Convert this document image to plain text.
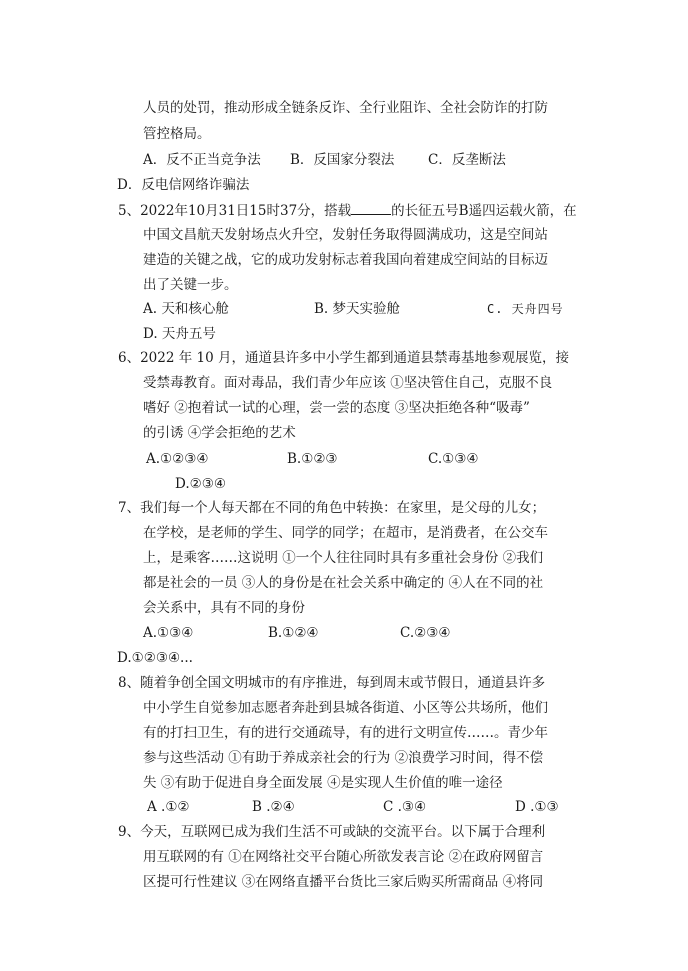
人员的处罚，推动形成全链条反诈、全行业阻诈、全社会防诈的打防
管控格局。
A．反不正当竞争法 B．反国家分裂法 C．反垄断法
D．反电信网络诈骗法
5、2022年10月31日15时37分，搭载	的长征五号B遥四运载火箭，在
中国文昌航天发射场点火升空，发射任务取得圆满成功，这是空间站
建造的关键之战，它的成功发射标志着我国向着建成空间站的目标迈
出了关键一步。
A. 天和核心舱	B. 梦天实验舱	C. 天舟四号
D. 天舟五号
6、2022 年 10 月，通道县许多中小学生都到通道县禁毒基地参观展览，接
受禁毒教育。面对毒品，我们青少年应该 ①坚决管住自己，克服不良
嗜好 ②抱着试一试的心理，尝一尝的态度 ③坚决拒绝各种“吸毒”
的引诱 ④学会拒绝的艺术
A.①②③④	B.①②③	C.①③④
D.②③④
7、我们每一个人每天都在不同的角色中转换：在家里，是父母的儿女；
在学校，是老师的学生、同学的同学；在超市，是消费者，在公交车
上，是乘客……这说明 ①一个人往往同时具有多重社会身份 ②我们
都是社会的一员 ③人的身份是在社会关系中确定的 ④人在不同的社
会关系中，具有不同的身份
A.①③④	B.①②④	C.②③④
D.①②③④...
8、随着争创全国文明城市的有序推进，每到周末或节假日，通道县许多
中小学生自觉参加志愿者奔赴到县城各街道、小区等公共场所，他们
有的打扫卫生，有的进行交通疏导，有的进行文明宣传……。青少年
参与这些活动 ①有助于养成亲社会的行为 ②浪费学习时间，得不偿
失 ③有助于促进自身全面发展 ④是实现人生价值的唯一途径
A .①②	B .②④	C .③④	D .①③
9、今天，互联网已成为我们生活不可或缺的交流平台。以下属于合理利
用互联网的有 ①在网络社交平台随心所欲发表言论 ②在政府网留言
区提可行性建议 ③在网络直播平台货比三家后购买所需商品 ④将同
